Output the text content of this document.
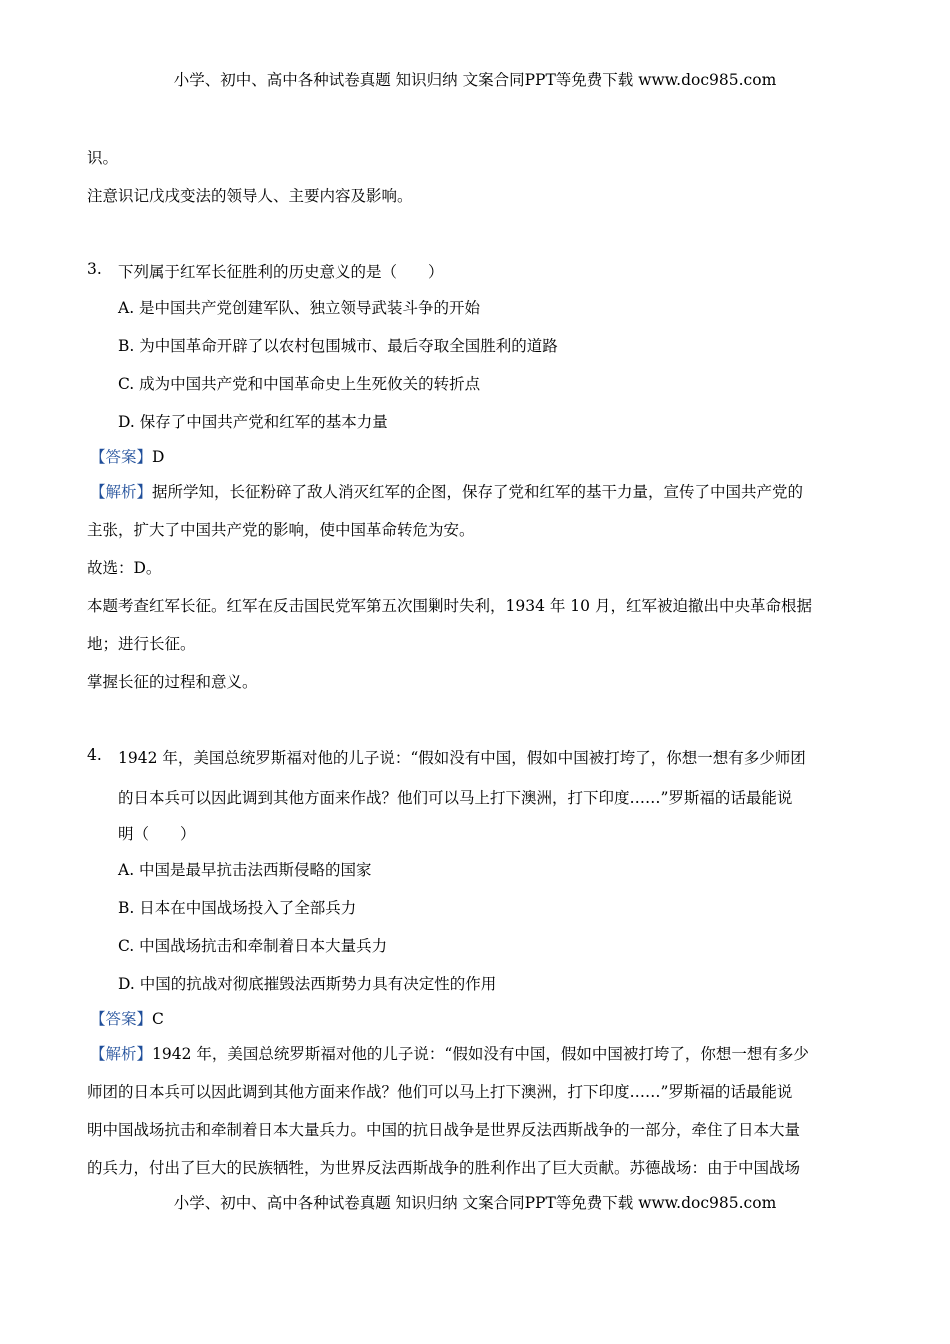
小学、初中、高中各种试卷真题 知识归纳 文案合同PPT等免费下载 www.doc985.com
识。
注意识记戊戌变法的领导人、主要内容及影响。
3. 下列属于红军长征胜利的历史意义的是（　　）
A. 是中国共产党创建军队、独立领导武装斗争的开始
B. 为中国革命开辟了以农村包围城市、最后夺取全国胜利的道路
C. 成为中国共产党和中国革命史上生死攸关的转折点
D. 保存了中国共产党和红军的基本力量
【答案】D
【解析】据所学知，长征粉碎了敌人消灭红军的企图，保存了党和红军的基干力量，宣传了中国共产党的
主张，扩大了中国共产党的影响，使中国革命转危为安。
故选：D。
本题考查红军长征。红军在反击国民党军第五次围剿时失利，1934 年 10 月，红军被迫撤出中央革命根据
地；进行长征。
掌握长征的过程和意义。
4. 1942 年，美国总统罗斯福对他的儿子说：“假如没有中国，假如中国被打垮了，你想一想有多少师团
的日本兵可以因此调到其他方面来作战？他们可以马上打下澳洲，打下印度……”罗斯福的话最能说
明（　　）
A. 中国是最早抗击法西斯侵略的国家
B. 日本在中国战场投入了全部兵力
C. 中国战场抗击和牵制着日本大量兵力
D. 中国的抗战对彻底摧毁法西斯势力具有决定性的作用
【答案】C
【解析】1942 年，美国总统罗斯福对他的儿子说：“假如没有中国，假如中国被打垮了，你想一想有多少
师团的日本兵可以因此调到其他方面来作战？他们可以马上打下澳洲，打下印度……”罗斯福的话最能说
明中国战场抗击和牵制着日本大量兵力。中国的抗日战争是世界反法西斯战争的一部分，牵住了日本大量
的兵力，付出了巨大的民族牺牲，为世界反法西斯战争的胜利作出了巨大贡献。苏德战场：由于中国战场
小学、初中、高中各种试卷真题 知识归纳 文案合同PPT等免费下载 www.doc985.com
